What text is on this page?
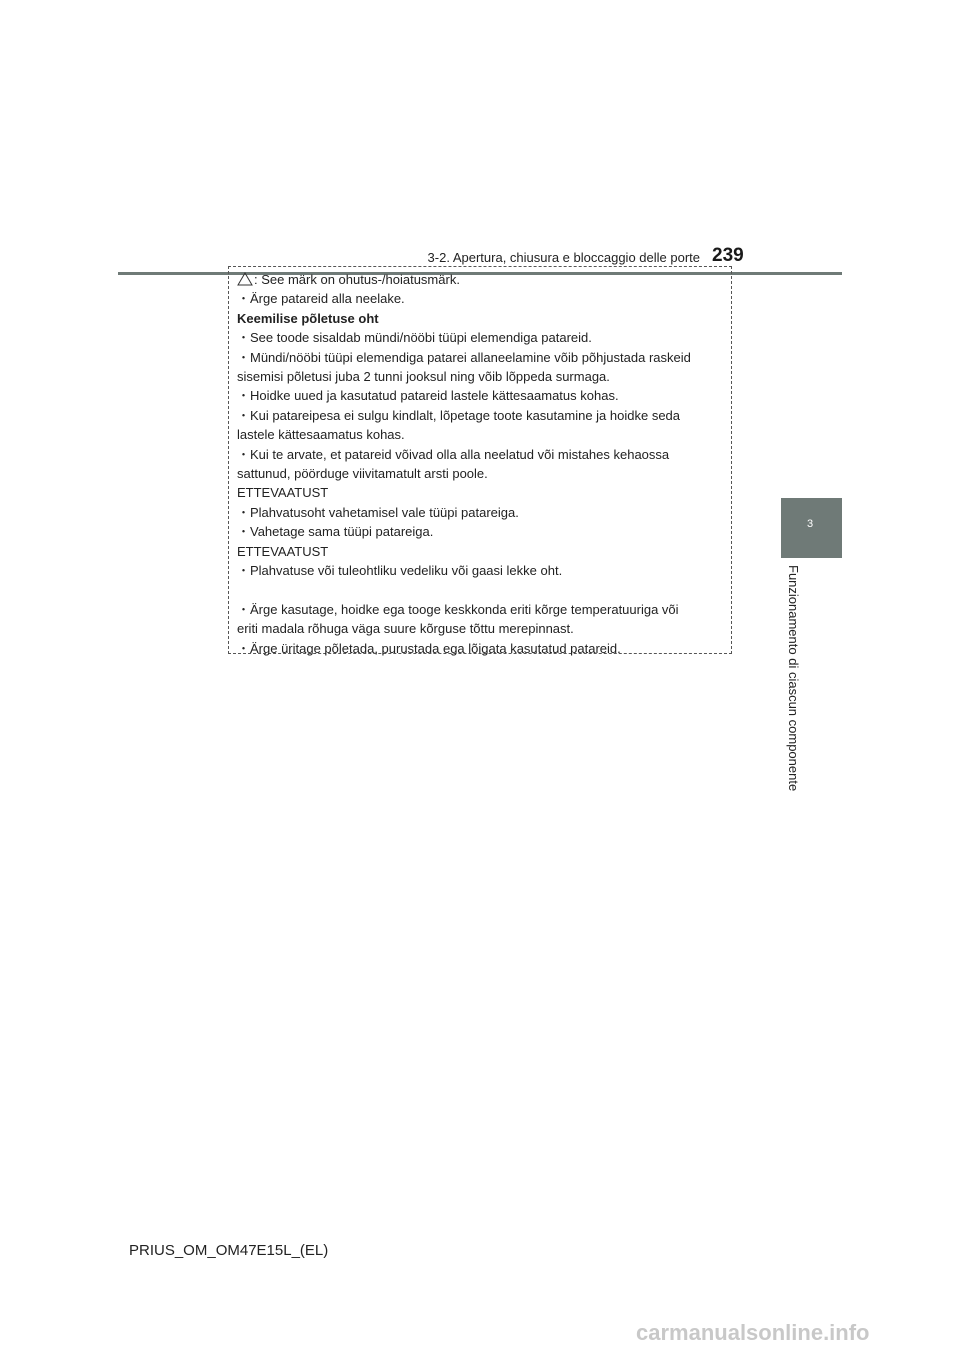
3-2. Apertura, chiusura e bloccaggio delle porte 239
3
Funzionamento di ciascun componente
: See märk on ohutus-/hoiatusmärk.
・Ärge patareid alla neelake.
Keemilise põletuse oht
・See toode sisaldab mündi/nööbi tüüpi elemendiga patareid.
・Mündi/nööbi tüüpi elemendiga patarei allaneelamine võib põhjustada raskeid
sisemisi põletusi juba 2 tunni jooksul ning võib lõppeda surmaga.
・Hoidke uued ja kasutatud patareid lastele kättesaamatus kohas.
・Kui patareipesa ei sulgu kindlalt, lõpetage toote kasutamine ja hoidke seda
lastele kättesaamatus kohas.
・Kui te arvate, et patareid võivad olla alla neelatud või mistahes kehaossa
sattunud, pöörduge viivitamatult arsti poole.
ETTEVAATUST
・Plahvatusoht vahetamisel vale tüüpi patareiga.
・Vahetage sama tüüpi patareiga.
ETTEVAATUST
・Plahvatuse või tuleohtliku vedeliku või gaasi lekke oht.
・Ärge kasutage, hoidke ega tooge keskkonda eriti kõrge temperatuuriga või
eriti madala rõhuga väga suure kõrguse tõttu merepinnast.
・Ärge üritage põletada, purustada ega lõigata kasutatud patareid.
PRIUS_OM_OM47E15L_(EL)
carmanualsonline.info
